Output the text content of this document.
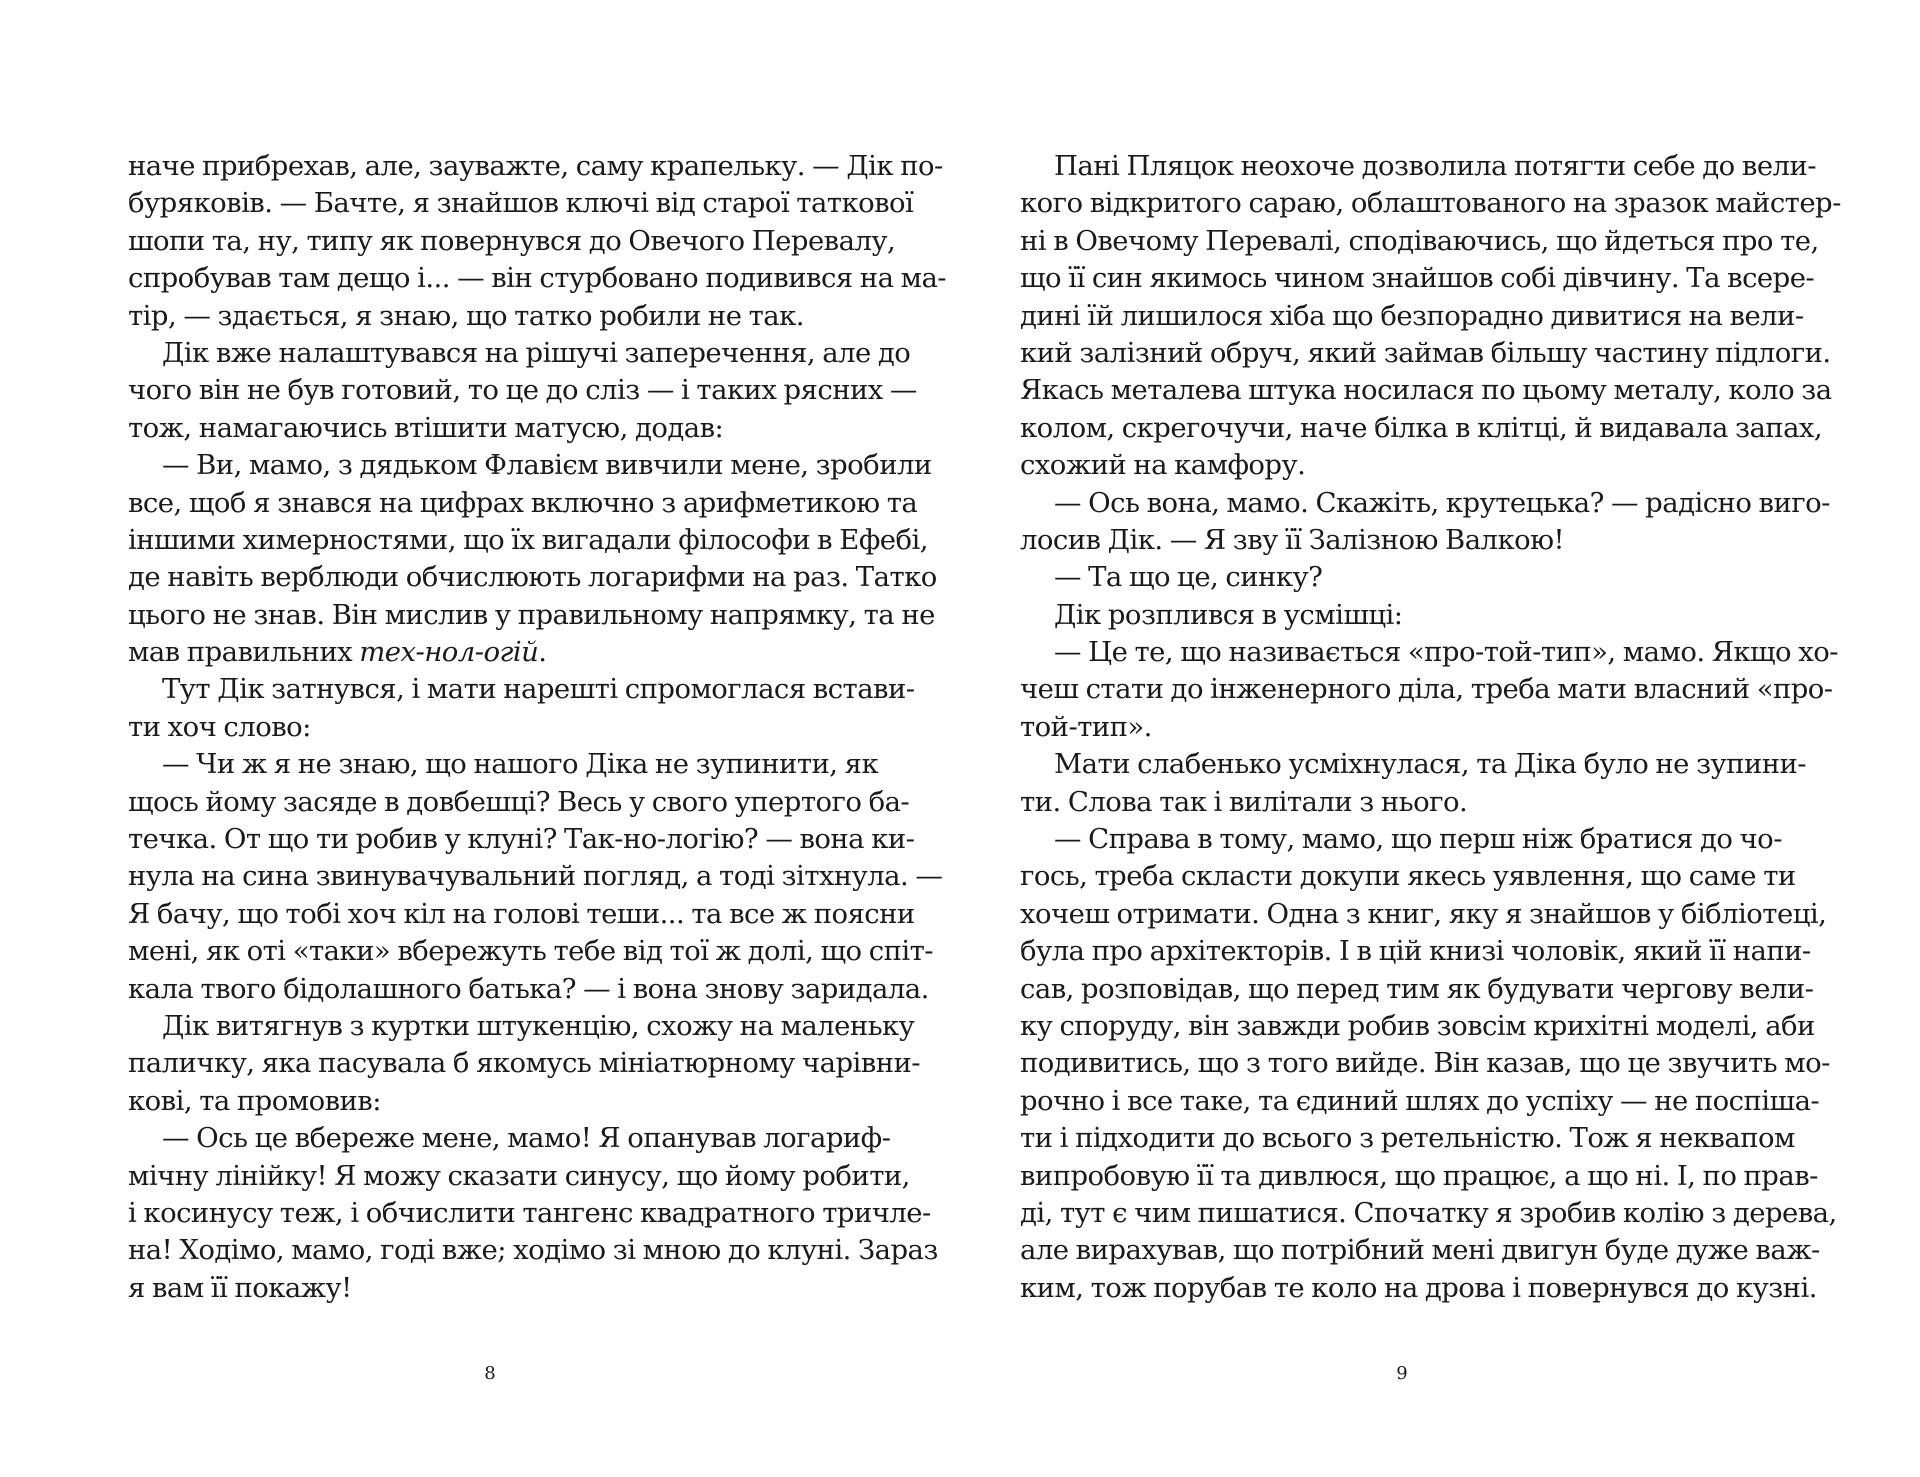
наче прибрехав, але, зауважте, саму крапельку. — Дік по-
буряковів. — Бачте, я знайшов ключі від старої таткової
шопи та, ну, типу як повернувся до Овечого Перевалу,
спробував там дещо і... — він стурбовано подивився на ма-
тір, — здається, я знаю, що татко робили не так.
Дік вже налаштувався на рішучі заперечення, але до
чого він не був готовий, то це до сліз — і таких рясних —
тож, намагаючись втішити матусю, додав:
— Ви, мамо, з дядьком Флавієм вивчили мене, зробили
все, щоб я знався на цифрах включно з арифметикою та
іншими химерностями, що їх вигадали філософи в Ефебі,
де навіть верблюди обчислюють логарифми на раз. Татко
цього не знав. Він мислив у правильному напрямку, та не
мав правильних тех-нол-огій.
Тут Дік затнувся, і мати нарешті спромоглася встави-
ти хоч слово:
— Чи ж я не знаю, що нашого Діка не зупинити, як
щось йому засяде в довбешці? Весь у свого упертого ба-
течка. От що ти робив у клуні? Так-но-логію? — вона ки-
нула на сина звинувачувальний погляд, а тоді зітхнула. —
Я бачу, що тобі хоч кіл на голові теши... та все ж поясни
мені, як оті «таки» вбережуть тебе від тої ж долі, що спіт-
кала твого бідолашного батька? — і вона знову заридала.
Дік витягнув з куртки штукенцію, схожу на маленьку
паличку, яка пасувала б якомусь мініатюрному чарівни-
кові, та промовив:
— Ось це вбереже мене, мамо! Я опанував логариф-
мічну лінійку! Я можу сказати синусу, що йому робити,
і косинусу теж, і обчислити тангенс квадратного тричле-
на! Ходімо, мамо, годі вже; ходімо зі мною до клуні. Зараз
я вам її покажу!
8
Пані Пляцок неохоче дозволила потягти себе до вели-
кого відкритого сараю, облаштованого на зразок майстер-
ні в Овечому Перевалі, сподіваючись, що йдеться про те,
що її син якимось чином знайшов собі дівчину. Та всере-
дині їй лишилося хіба що безпорадно дивитися на вели-
кий залізний обруч, який займав більшу частину підлоги.
Якась металева штука носилася по цьому металу, коло за
колом, скрегочучи, наче білка в клітці, й видавала запах,
схожий на камфору.
— Ось вона, мамо. Скажіть, крутецька? — радісно виго-
лосив Дік. — Я зву її Залізною Валкою!
— Та що це, синку?
Дік розплився в усмішці:
— Це те, що називається «про-той-тип», мамо. Якщо хо-
чеш стати до інженерного діла, треба мати власний «про-
той-тип».
Мати слабенько усміхнулася, та Діка було не зупини-
ти. Слова так і вилітали з нього.
— Справа в тому, мамо, що перш ніж братися до чо-
гось, треба скласти докупи якесь уявлення, що саме ти
хочеш отримати. Одна з книг, яку я знайшов у бібліотеці,
була про архітекторів. І в цій книзі чоловік, який її напи-
сав, розповідав, що перед тим як будувати чергову вели-
ку споруду, він завжди робив зовсім крихітні моделі, аби
подивитись, що з того вийде. Він казав, що це звучить мо-
рочно і все таке, та єдиний шлях до успіху — не поспіша-
ти і підходити до всього з ретельністю. Тож я неквапом
випробовую її та дивлюся, що працює, а що ні. І, по прав-
ді, тут є чим пишатися. Спочатку я зробив колію з дерева,
але вирахував, що потрібний мені двигун буде дуже важ-
ким, тож порубав те коло на дрова і повернувся до кузні.
9
